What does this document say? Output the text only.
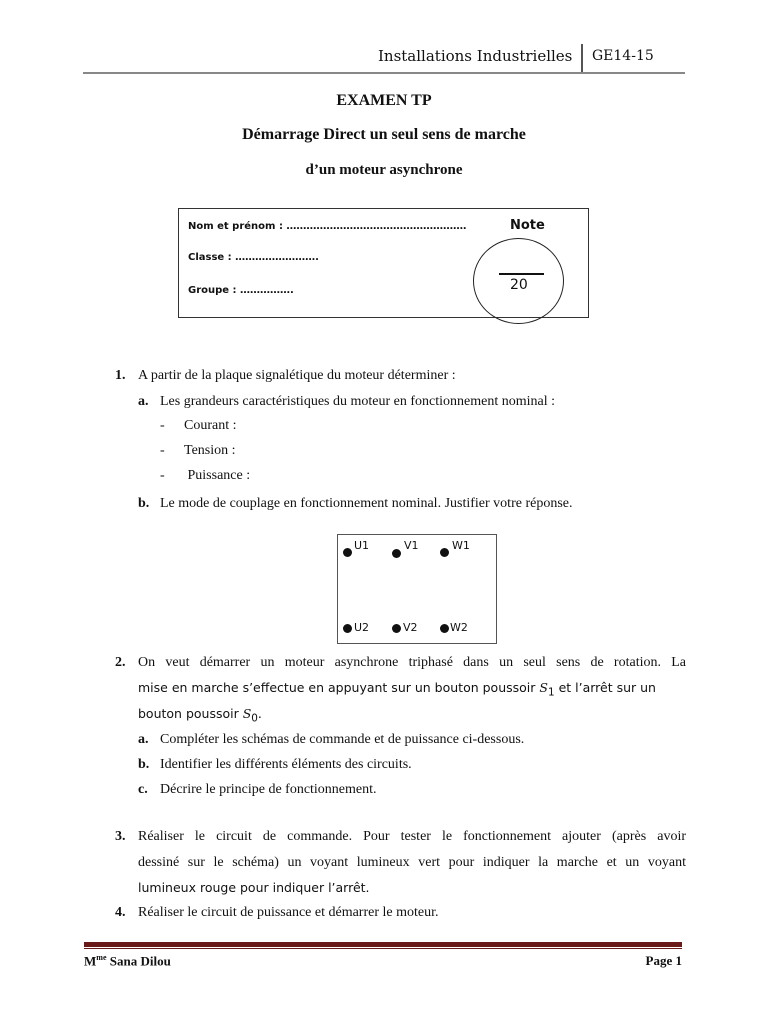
Installations Industrielles GE14-15
EXAMEN TP
Démarrage Direct un seul sens de marche
d’un moteur asynchrone
Nom et prénom : ………………………………………………
Classe : …………………….
Groupe : …………….
Note
20
1. A partir de la plaque signalétique du moteur déterminer :
a. Les grandeurs caractéristiques du moteur en fonctionnement nominal :
- Courant :
- Tension :
- Puissance :
b. Le mode de couplage en fonctionnement nominal. Justifier votre réponse.
U1	V1	W1
U2	V2	W2
2. On veut démarrer un moteur asynchrone triphasé dans un seul sens de rotation. La
mise en marche s’effectue en appuyant sur un bouton poussoir $S_1$ et l’arrêt sur un
bouton poussoir $S_0$.
a. Compléter les schémas de commande et de puissance ci-dessous.
b. Identifier les différents éléments des circuits.
c. Décrire le principe de fonctionnement.
3. Réaliser le circuit de commande. Pour tester le fonctionnement ajouter (après avoir
dessiné sur le schéma) un voyant lumineux vert pour indiquer la marche et un voyant
lumineux rouge pour indiquer l’arrêt.
4. Réaliser le circuit de puissance et démarrer le moteur.
$M^{me}$ Sana Dilou	Page 1
